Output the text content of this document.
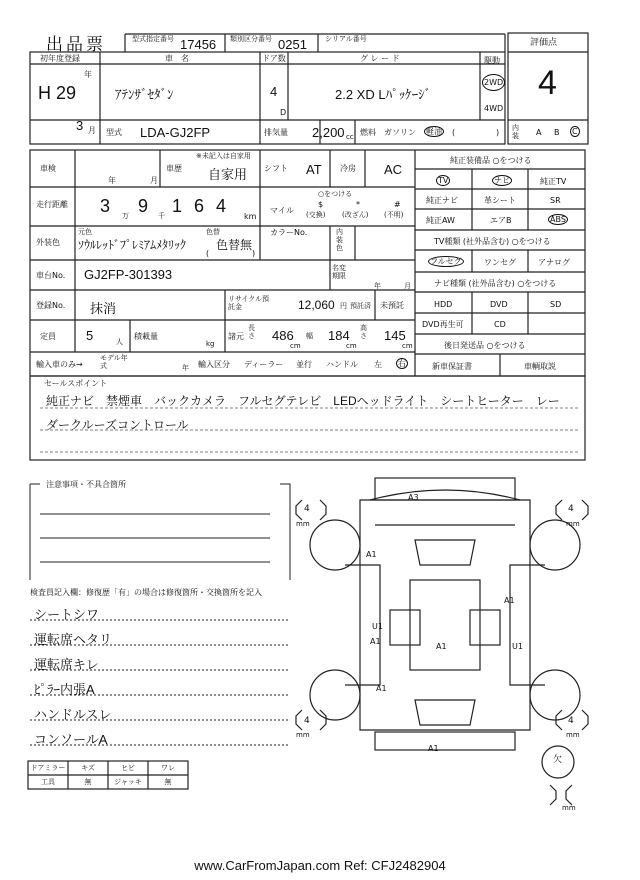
出品票	型式指定番号 17456 類別区分番号 0251	シリアル番号	評価点
4
初年度登録
年
H 29
3 月
車　名
ｱﾃﾝｻﾞｾﾀﾞﾝ
ドア数
4
D
グ レ ー ド
2.2 XD Lﾊﾟｯｹｰｼﾞ
駆動
2WD
4WD
型式 LDA-GJ2FP	排気量 2,200 cc 燃料 ガソリン 軽油 (	) 内装	A B C
車検
年	月
車歴
※未記入は自家用
自家用 シフト AT 冷房 AC
走行距離 3 万 9 千 1 6 4
km
○をつける
マイル
$
(交換)
*
(改ざん)
#
(不明)
外装色
元色
ｿｳﾙﾚｯﾄﾞﾌﾟﾚﾐｱﾑﾒﾀﾘｯｸ
色替
色替無
(	)
カラーNo.	内装色
車台No. GJ2FP-301393	名変期限
年	月
登録No. 抹消
リサイクル預託金	12,060 円 預託済 未預託
定員 5	人
積載量
kg
諸元
長さ 486
cm
幅 184
cm
高さ 145
cm
輸入車のみ→
モデル年式	年 輸入区分 ディーラー 並行 ハンドル 左 右
純正装備品 ○をつける
TV	ナビ	純正TV
純正ナビ	革シート	SR
純正AW	エアB	ABS
TV種類 (社外品含む) ○をつける
フルセグ	ワンセグ	アナログ
ナビ種類 (社外品含む) ○をつける
HDD	DVD	SD
DVD再生可	CD
後日発送品 ○をつける
新車保証書	車輌取説
セールスポイント
純正ナビ　禁煙車　バックカメラ　フルセグテレビ　LEDヘッドライト　シートヒーター　レー
ダークルーズコントロール
注意事項・不具合箇所
検査員記入欄：修復歴「有」の場合は修復箇所・交換箇所を記入
シートシワ
運転席ヘタリ
運転席キレ
ﾋﾟﾗｰ内張A
ハンドルスレ
コンソールA
ドアミラー	キズ	ヒビ	ワレ
工具	無	ジャッキ	無
4
mm
4
mm
4
mm
4
mm
欠
mm
A3
A1
A1
U1
A1
A1	U1
A1
A1
www.CarFromJapan.com Ref: CFJ2482904
